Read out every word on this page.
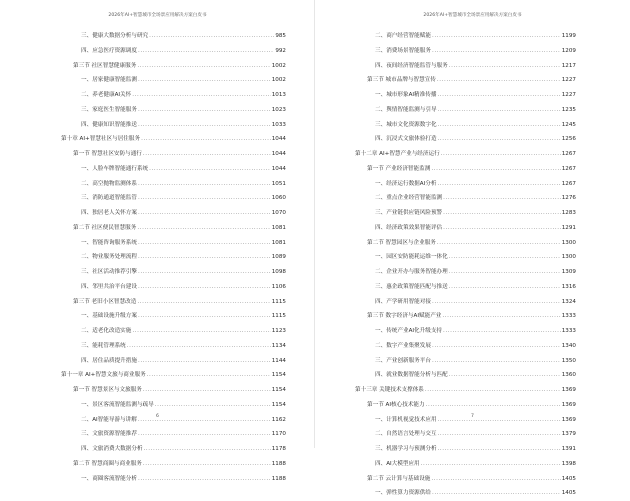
2026年AI+智慧城市全场景应用解决方案白皮书
三、健康大数据分析与研究 .....	985
四、应急医疗资源调度 .....	992
第三节 社区智慧健康服务 .....	1002
一、居家健康智能监测 .....	1002
二、养老健康AI关怀 .....	1013
三、家庭医生智能服务 .....	1023
四、健康知识智能推送 .....	1033
第十章 AI+智慧社区与居住服务 .....	1044
第一节 智慧社区安防与通行 .....	1044
一、人脸车牌智能通行系统 .....	1044
二、高空抛物监测体系 .....	1051
三、消防通道智能监管 .....	1060
四、独居老人关怀方案 .....	1070
第二节 社区便民智慧服务 .....	1081
一、智能咨询服务系统 .....	1081
二、物业服务处理流程 .....	1089
三、社区活动推荐引擎 .....	1098
四、邻里共治平台建设 .....	1106
第三节 老旧小区智慧改造 .....	1115
一、基础设施升级方案 .....	1115
二、适老化改造实施 .....	1123
三、能耗管理系统 .....	1134
四、居住品质提升措施 .....	1144
第十一章 AI+智慧文旅与商业服务 .....	1154
第一节 智慧景区与文旅服务 .....	1154
一、景区客流智能监测与疏导 .....	1154
二、AI智能导游与讲解 .....	1162
三、文旅资源智能推荐 .....	1170
四、文旅消费大数据分析 .....	1178
第二节 智慧商圈与商业服务 .....	1188
一、商圈客流智能分析 .....	1188
6
2026年AI+智慧城市全场景应用解决方案白皮书
二、商户经营智能赋能 .....	1199
三、消费场景智能服务 .....	1209
四、夜间经济智能监管与服务 .....	1217
第三节 城市品牌与智慧宣传 .....	1227
一、城市形象AI精准传播 .....	1227
二、舆情智能监测与引导 .....	1235
三、城市文化资源数字化 .....	1245
四、沉浸式文旅体验打造 .....	1256
第十二章 AI+智慧产业与经济运行 .....	1267
第一节 产业经济智能监测 .....	1267
一、经济运行数据AI分析 .....	1267
二、重点企业经营智能监测 .....	1276
三、产业链供应链风险预警 .....	1283
四、经济政策效果智能评估 .....	1291
第二节 智慧园区与企业服务 .....	1300
一、园区安防能耗运维一体化 .....	1300
二、企业开办与服务智能办理 .....	1309
三、惠企政策智能匹配与推送 .....	1316
四、产学研用智能对接 .....	1324
第三节 数字经济与AI赋能产业 .....	1333
一、传统产业AI化升级支持 .....	1333
二、数字产业集聚发展 .....	1340
三、产业创新服务平台 .....	1350
四、就业数据智能分析与匹配 .....	1360
第十三章 关键技术支撑体系 .....	1369
第一节 AI核心技术能力 .....	1369
一、计算机视觉技术应用 .....	1369
二、自然语言处理与交互 .....	1379
三、机器学习与预测分析 .....	1391
四、AI大模型应用 .....	1398
第二节 云计算与基础设施 .....	1405
一、弹性算力资源供给 .....	1405
7
